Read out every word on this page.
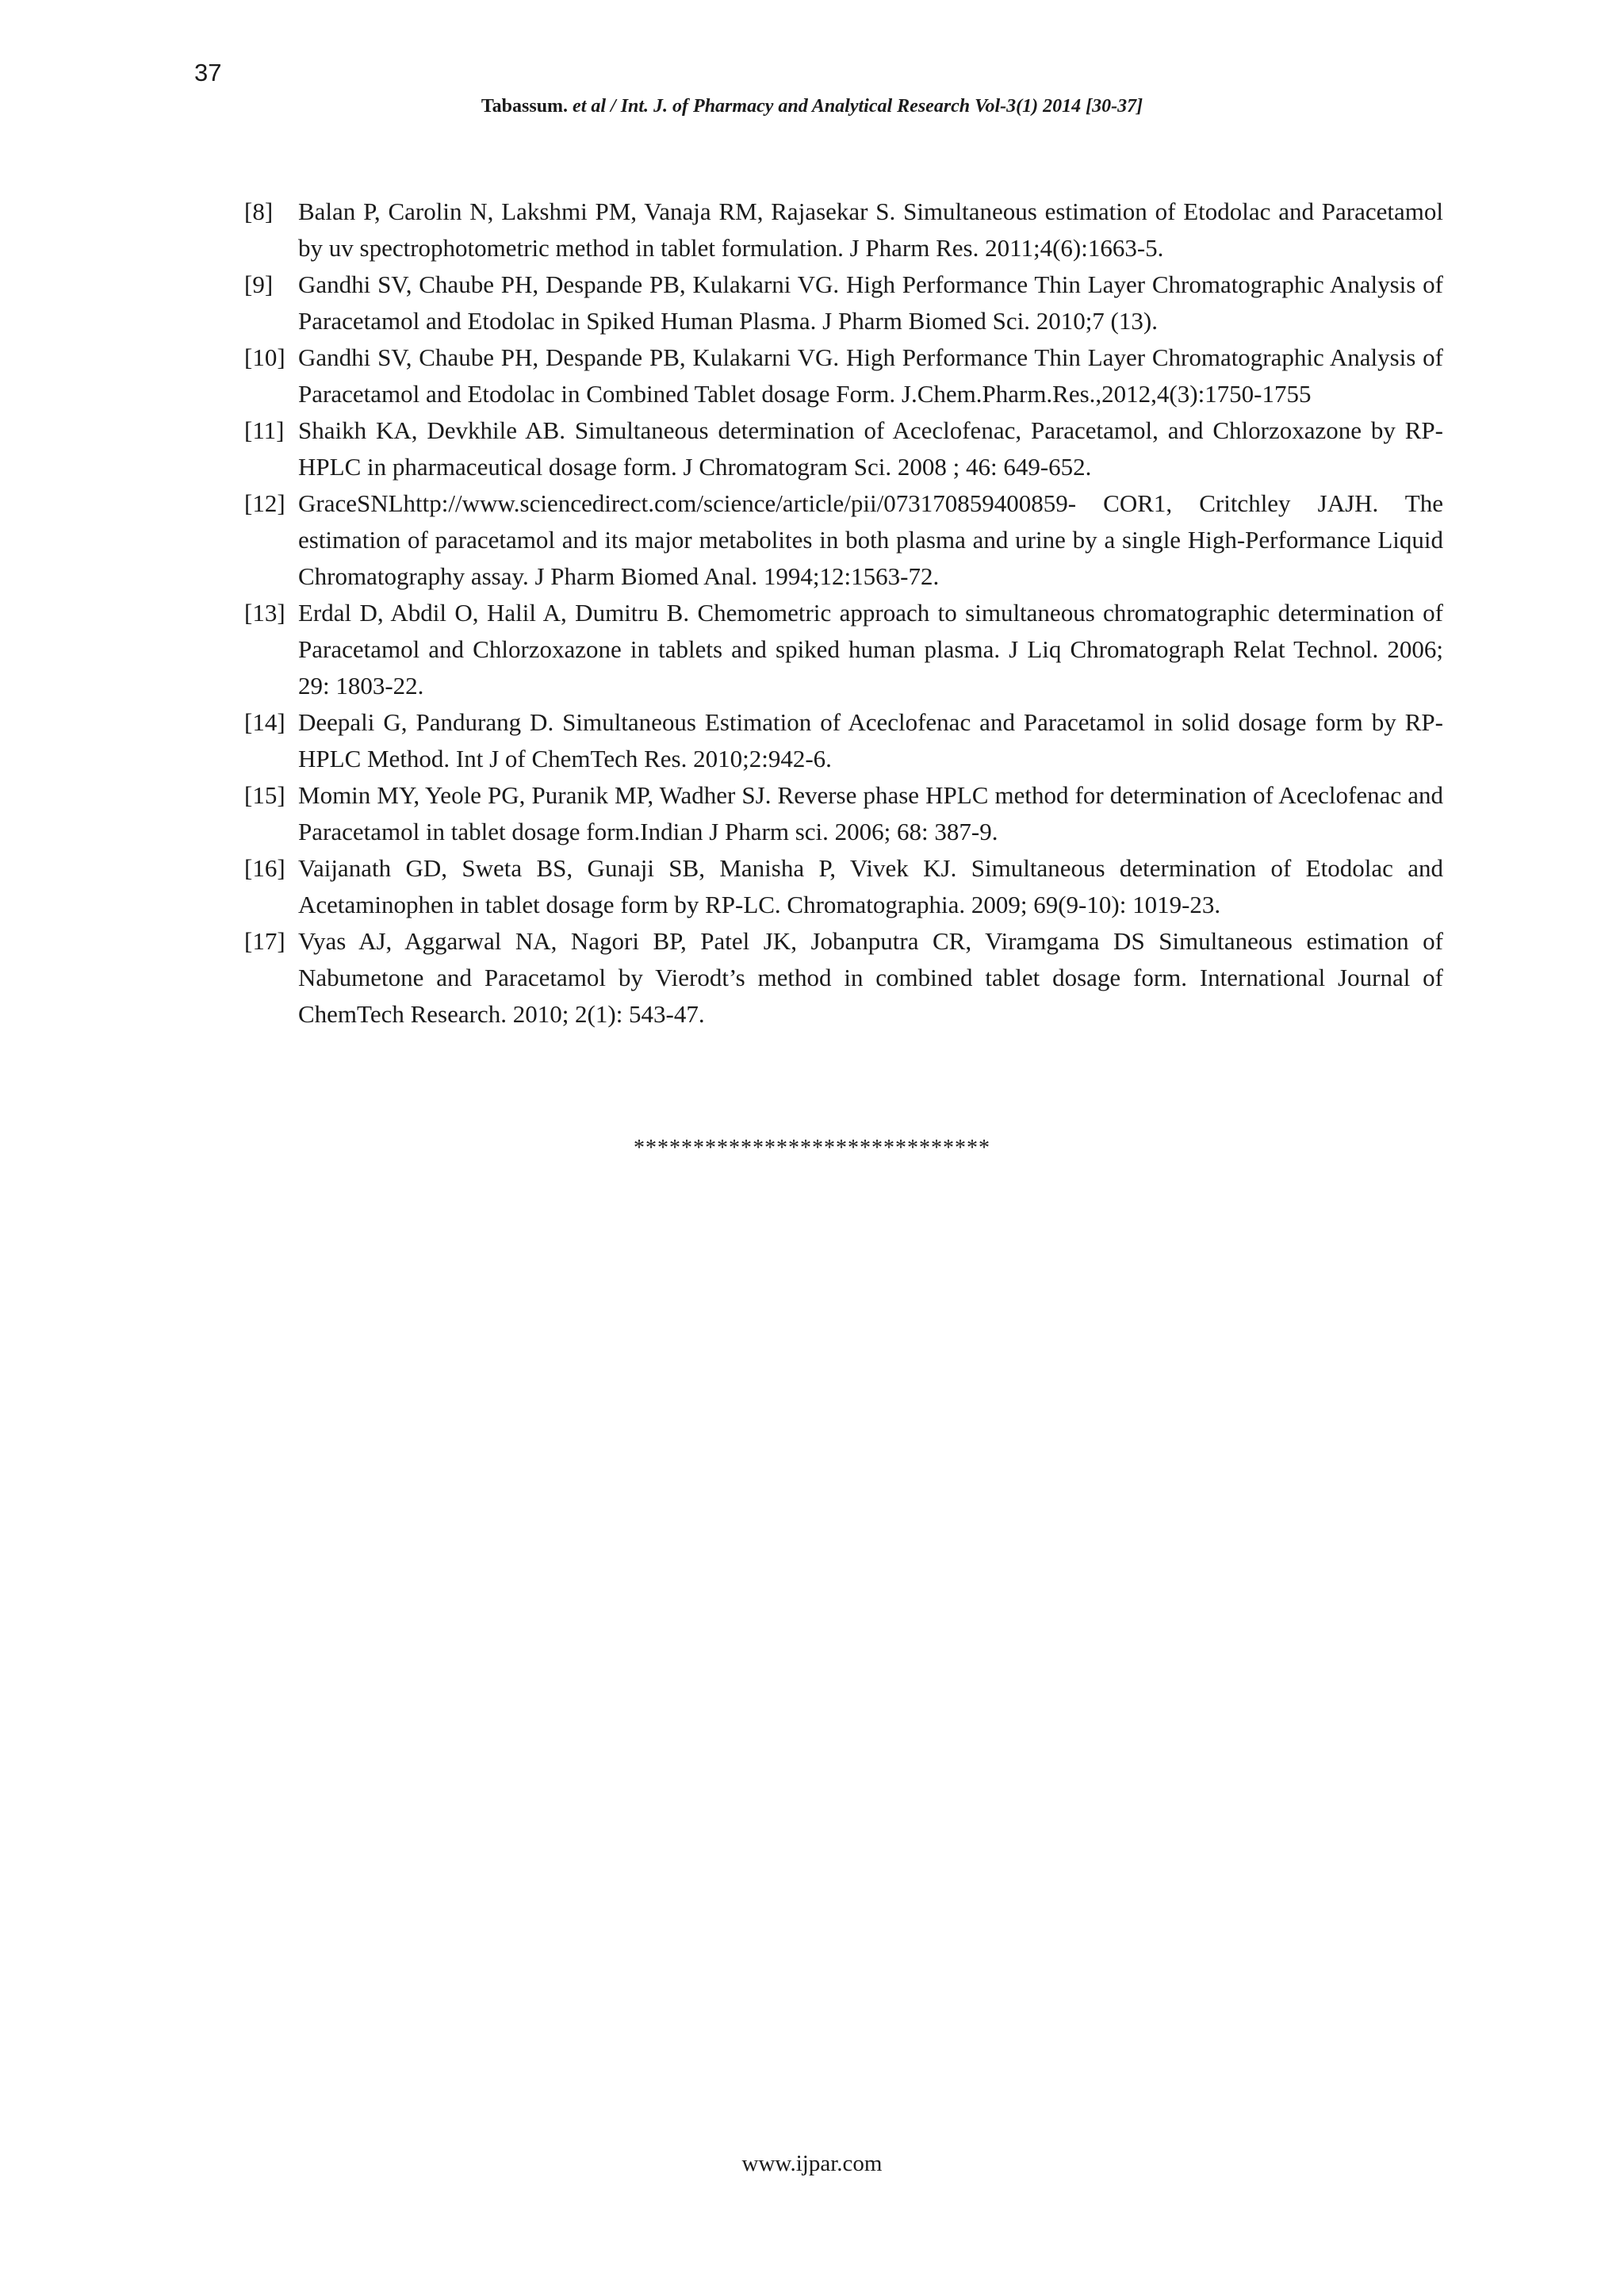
37
Tabassum. et al / Int. J. of Pharmacy and Analytical Research Vol-3(1) 2014 [30-37]
[8] Balan P, Carolin N, Lakshmi PM, Vanaja RM, Rajasekar S. Simultaneous estimation of Etodolac and Paracetamol by uv spectrophotometric method in tablet formulation. J Pharm Res. 2011;4(6):1663-5.
[9] Gandhi SV, Chaube PH, Despande PB, Kulakarni VG. High Performance Thin Layer Chromatographic Analysis of Paracetamol and Etodolac in Spiked Human Plasma. J Pharm Biomed Sci. 2010;7 (13).
[10] Gandhi SV, Chaube PH, Despande PB, Kulakarni VG. High Performance Thin Layer Chromatographic Analysis of Paracetamol and Etodolac in Combined Tablet dosage Form. J.Chem.Pharm.Res.,2012,4(3):1750-1755
[11] Shaikh KA, Devkhile AB. Simultaneous determination of Aceclofenac, Paracetamol, and Chlorzoxazone by RP-HPLC in pharmaceutical dosage form. J Chromatogram Sci. 2008 ; 46: 649-652.
[12] GraceSNLhttp://www.sciencedirect.com/science/article/pii/073170859400859- COR1, Critchley JAJH. The estimation of paracetamol and its major metabolites in both plasma and urine by a single High-Performance Liquid Chromatography assay. J Pharm Biomed Anal. 1994;12:1563-72.
[13] Erdal D, Abdil O, Halil A, Dumitru B. Chemometric approach to simultaneous chromatographic determination of Paracetamol and Chlorzoxazone in tablets and spiked human plasma. J Liq Chromatograph Relat Technol. 2006; 29: 1803-22.
[14] Deepali G, Pandurang D. Simultaneous Estimation of Aceclofenac and Paracetamol in solid dosage form by RP-HPLC Method. Int J of ChemTech Res. 2010;2:942-6.
[15] Momin MY, Yeole PG, Puranik MP, Wadher SJ. Reverse phase HPLC method for determination of Aceclofenac and Paracetamol in tablet dosage form.Indian J Pharm sci. 2006; 68: 387-9.
[16] Vaijanath GD, Sweta BS, Gunaji SB, Manisha P, Vivek KJ. Simultaneous determination of Etodolac and Acetaminophen in tablet dosage form by RP-LC. Chromatographia. 2009; 69(9-10): 1019-23.
[17] Vyas AJ, Aggarwal NA, Nagori BP, Patel JK, Jobanputra CR, Viramgama DS Simultaneous estimation of Nabumetone and Paracetamol by Vierodt’s method in combined tablet dosage form. International Journal of ChemTech Research. 2010; 2(1): 543-47.
******************************
www.ijpar.com
